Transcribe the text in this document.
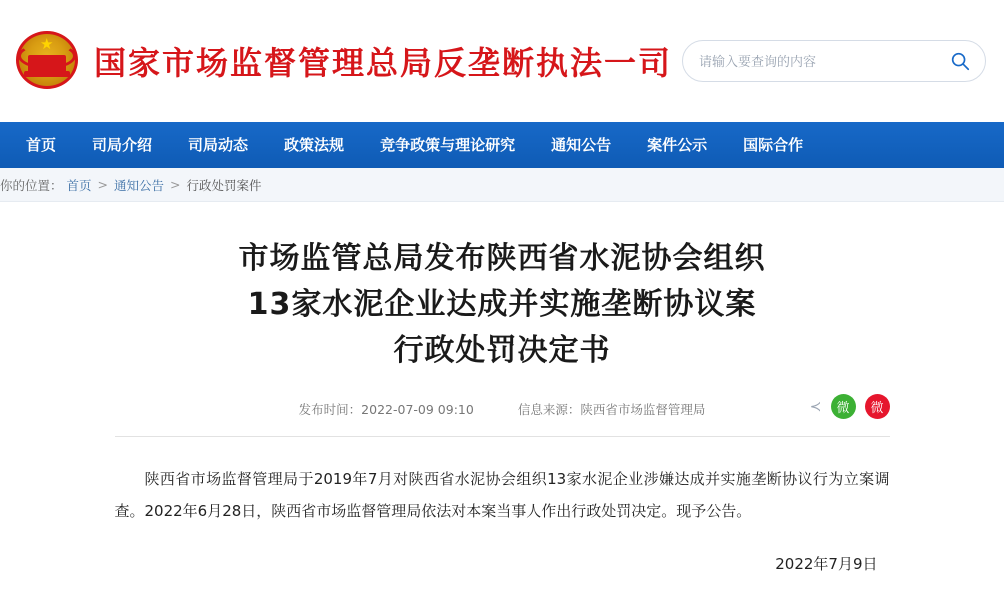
★ 国家市场监督管理总局反垄断执法一司
请输入要查询的内容
首页	司局介绍	司局动态	政策法规	竞争政策与理论研究	通知公告	案件公示	国际合作
你的位置： 首页 > 通知公告 > 行政处罚案件
市场监管总局发布陕西省水泥协会组织
13家水泥企业达成并实施垄断协议案
行政处罚决定书
发布时间：2022-07-09 09:10	信息来源：陕西省市场监督管理局	≺	微	微

陕西省市场监督管理局于2019年7月对陕西省水泥协会组织13家水泥企业涉嫌达成并实施垄断协议行为立案调查。2022年6月28日，陕西省市场监督管理局依法对本案当事人作出行政处罚决定。现予公告。

2022年7月9日
